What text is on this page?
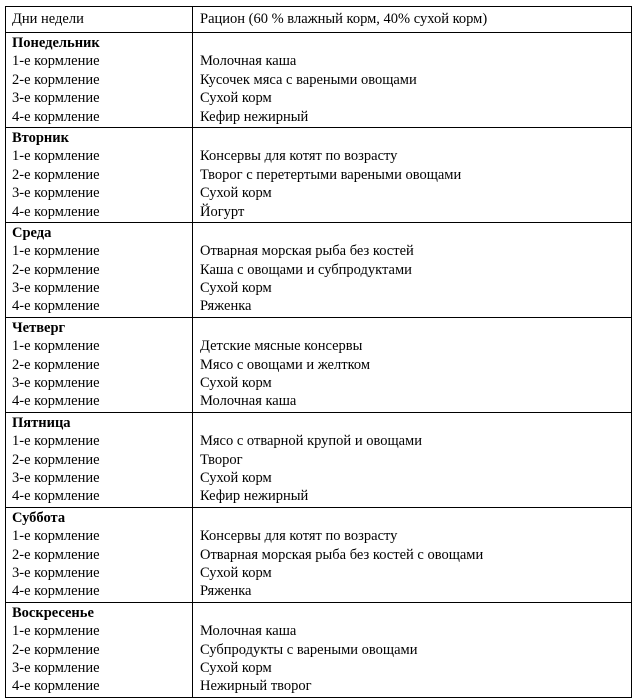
Дни недели	Рацион (60 % влажный корм, 40% сухой корм)
Понедельник
1-е кормление
2-е кормление
3-е кормление
4-е кормление
Молочная каша
Кусочек мяса с вареными овощами
Сухой корм
Кефир нежирный
Вторник
1-е кормление
2-е кормление
3-е кормление
4-е кормление
Консервы для котят по возрасту
Творог с перетертыми вареными овощами
Сухой корм
Йогурт
Среда
1-е кормление
2-е кормление
3-е кормление
4-е кормление
Отварная морская рыба без костей
Каша с овощами и субпродуктами
Сухой корм
Ряженка
Четверг
1-е кормление
2-е кормление
3-е кормление
4-е кормление
Детские мясные консервы
Мясо с овощами и желтком
Сухой корм
Молочная каша
Пятница
1-е кормление
2-е кормление
3-е кормление
4-е кормление
Мясо с отварной крупой и овощами
Творог
Сухой корм
Кефир нежирный
Суббота
1-е кормление
2-е кормление
3-е кормление
4-е кормление
Консервы для котят по возрасту
Отварная морская рыба без костей с овощами
Сухой корм
Ряженка
Воскресенье
1-е кормление
2-е кормление
3-е кормление
4-е кормление
Молочная каша
Субпродукты с вареными овощами
Сухой корм
Нежирный творог
